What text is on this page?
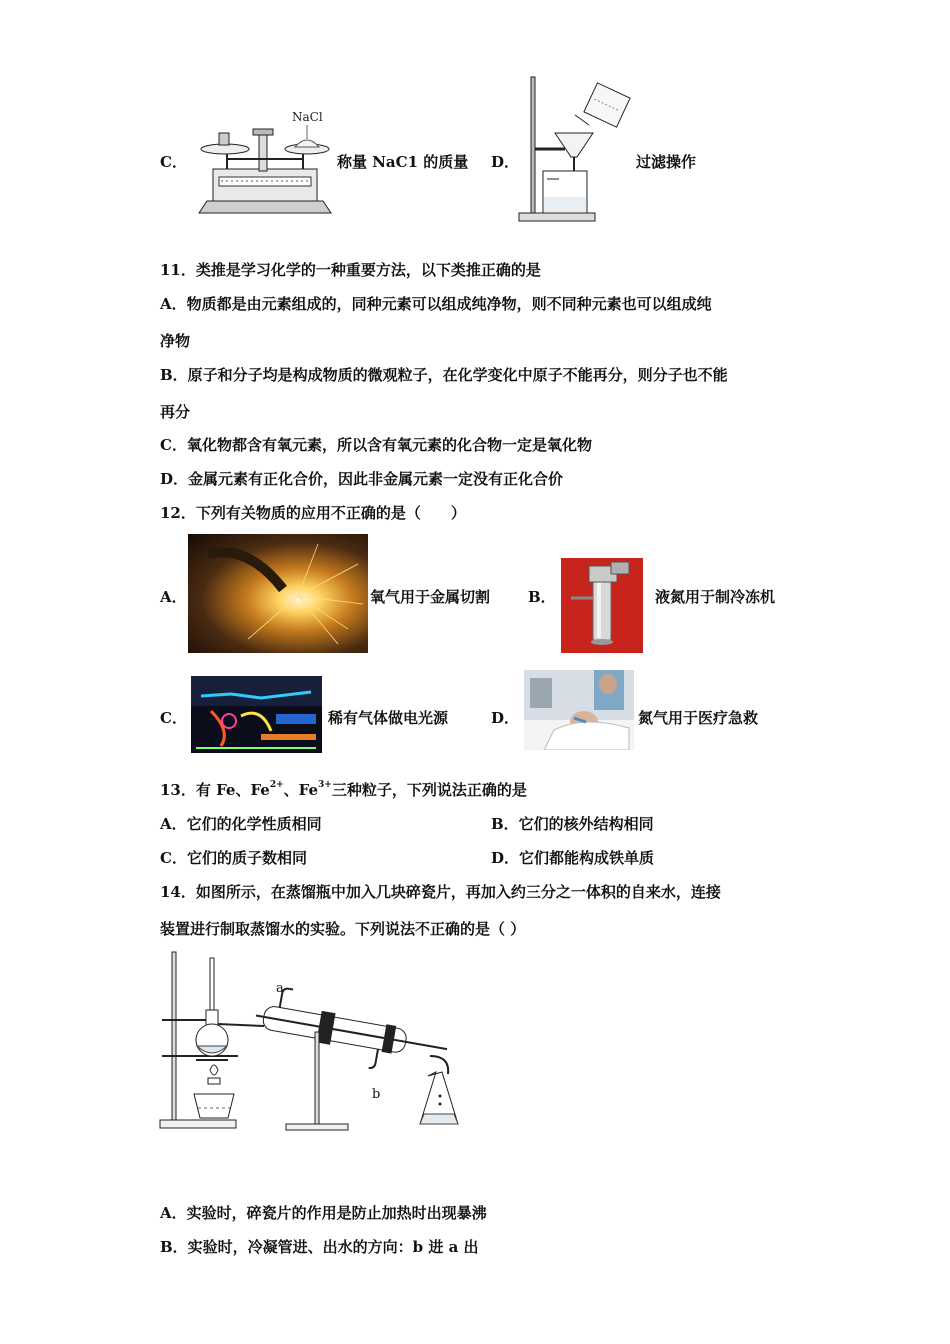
C．
NaCl
称量 NaC1 的质量 D．	过滤操作
11．类推是学习化学的一种重要方法，以下类推正确的是
A．物质都是由元素组成的，同种元素可以组成纯净物，则不同种元素也可以组成纯
净物
B．原子和分子均是构成物质的微观粒子，在化学变化中原子不能再分，则分子也不能
再分
C．氧化物都含有氧元素，所以含有氧元素的化合物一定是氧化物
D．金属元素有正化合价，因此非金属元素一定没有正化合价
12．下列有关物质的应用不正确的是（　　）
A．	氧气用于金属切割	B．	液氮用于制冷冻机
C．	稀有气体做电光源	D．	氮气用于医疗急救
13．有 Fe、$Fe^{2+}$、$Fe^{3+}$三种粒子，下列说法正确的是
A．它们的化学性质相同	B．它们的核外结构相同
C．它们的质子数相同	D．它们都能构成铁单质
14．如图所示，在蒸馏瓶中加入几块碎瓷片，再加入约三分之一体积的自来水，连接
装置进行制取蒸馏水的实验。下列说法不正确的是（ ）
a
b
A．实验时，碎瓷片的作用是防止加热时出现暴沸
B．实验时，冷凝管进、出水的方向：b 进 a 出
